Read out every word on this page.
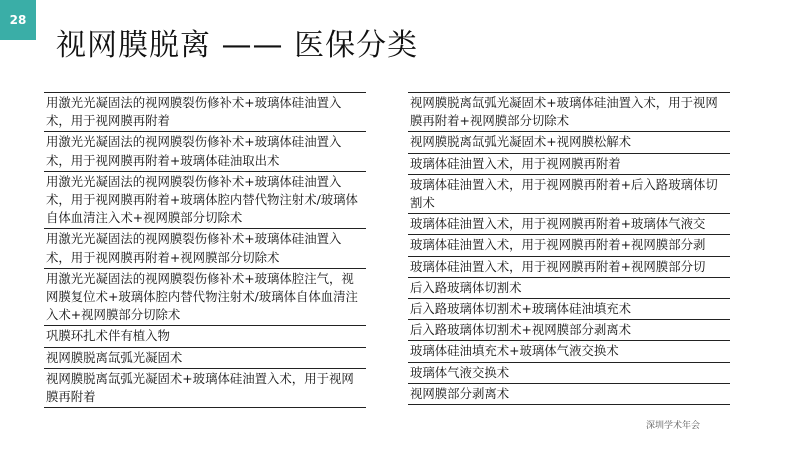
28
视网膜脱离 —— 医保分类
用激光光凝固法的视网膜裂伤修补术+玻璃体硅油置入术，用于视网膜再附着
用激光光凝固法的视网膜裂伤修补术+玻璃体硅油置入术，用于视网膜再附着+玻璃体硅油取出术
用激光光凝固法的视网膜裂伤修补术+玻璃体硅油置入术，用于视网膜再附着+玻璃体腔内替代物注射术/玻璃体自体血清注入术+视网膜部分切除术
用激光光凝固法的视网膜裂伤修补术+玻璃体硅油置入术，用于视网膜再附着+视网膜部分切除术
用激光光凝固法的视网膜裂伤修补术+玻璃体腔注气，视网膜复位术+玻璃体腔内替代物注射术/玻璃体自体血清注入术+视网膜部分切除术
巩膜环扎术伴有植入物
视网膜脱离氙弧光凝固术
视网膜脱离氙弧光凝固术+玻璃体硅油置入术，用于视网膜再附着
视网膜脱离氙弧光凝固术+玻璃体硅油置入术，用于视网膜再附着+视网膜部分切除术
视网膜脱离氙弧光凝固术+视网膜松解术
玻璃体硅油置入术，用于视网膜再附着
玻璃体硅油置入术，用于视网膜再附着+后入路玻璃体切割术
玻璃体硅油置入术，用于视网膜再附着+玻璃体气液交
玻璃体硅油置入术，用于视网膜再附着+视网膜部分剥
玻璃体硅油置入术，用于视网膜再附着+视网膜部分切
后入路玻璃体切割术
后入路玻璃体切割术+玻璃体硅油填充术
后入路玻璃体切割术+视网膜部分剥离术
玻璃体硅油填充术+玻璃体气液交换术
玻璃体气液交换术
视网膜部分剥离术
深圳学术年会
